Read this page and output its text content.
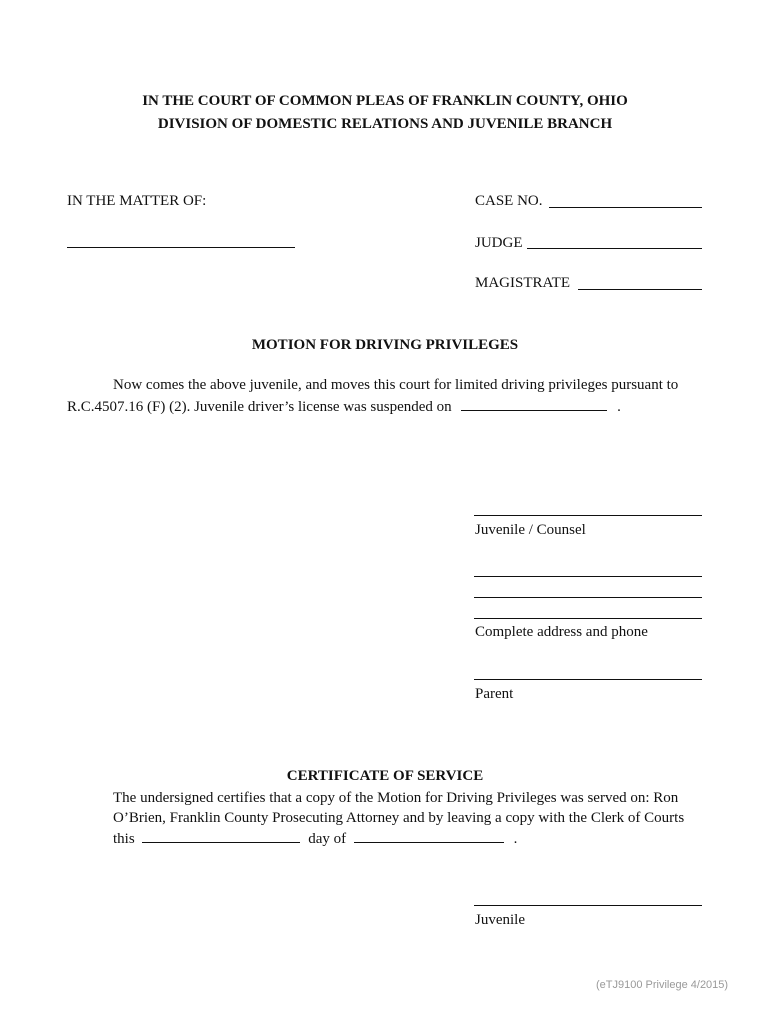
IN THE COURT OF COMMON PLEAS OF FRANKLIN COUNTY, OHIO
DIVISION OF DOMESTIC RELATIONS AND JUVENILE BRANCH
IN THE MATTER OF:	CASE NO.
JUDGE
MAGISTRATE
MOTION FOR DRIVING PRIVILEGES
Now comes the above juvenile, and moves this court for limited driving privileges pursuant to
R.C.4507.16 (F) (2). Juvenile driver’s license was suspended on	.
Juvenile / Counsel
Complete address and phone
Parent
CERTIFICATE OF SERVICE
The undersigned certifies that a copy of the Motion for Driving Privileges was served on: Ron
O’Brien, Franklin County Prosecuting Attorney and by leaving a copy with the Clerk of Courts
this	day of	.
Juvenile
(eTJ9100 Privilege 4/2015)
